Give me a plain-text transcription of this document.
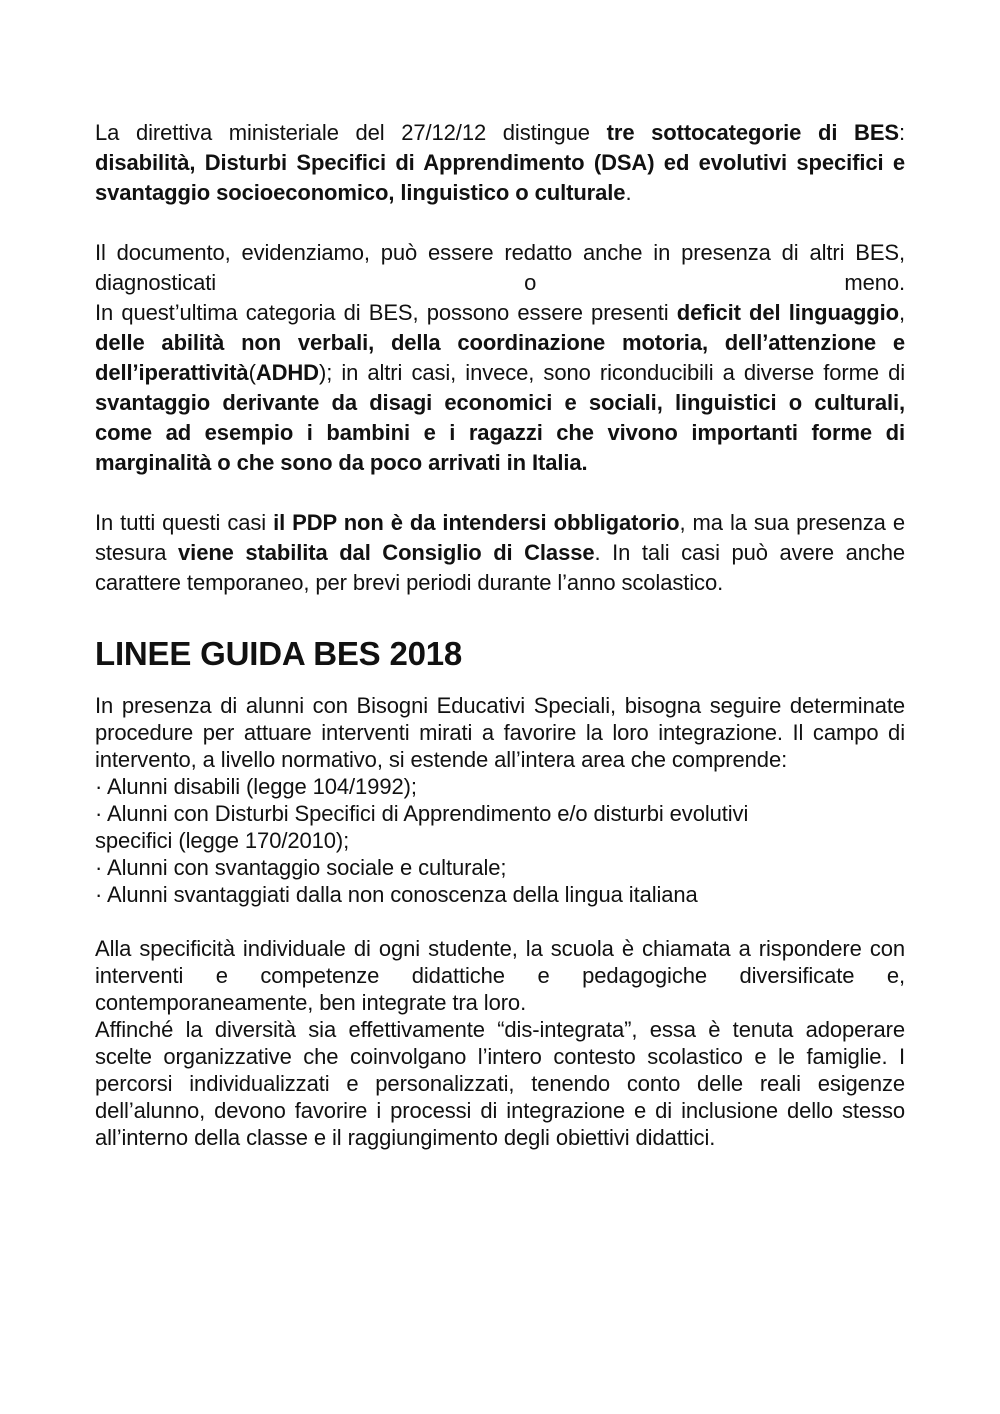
La direttiva ministeriale del 27/12/12 distingue tre sottocategorie di BES: disabilità, Disturbi Specifici di Apprendimento (DSA) ed evolutivi specifici e svantaggio socioeconomico, linguistico o culturale.

Il documento, evidenziamo, può essere redatto anche in presenza di altri BES, diagnosticati o meno.

In quest’ultima categoria di BES, possono essere presenti deficit del linguaggio, delle abilità non verbali, della coordinazione motoria, dell’attenzione e dell’iperattività(ADHD); in altri casi, invece, sono riconducibili a diverse forme di svantaggio derivante da disagi economici e sociali, linguistici o culturali, come ad esempio i bambini e i ragazzi che vivono importanti forme di marginalità o che sono da poco arrivati in Italia.

In tutti questi casi il PDP non è da intendersi obbligatorio, ma la sua presenza e stesura viene stabilita dal Consiglio di Classe. In tali casi può avere anche carattere temporaneo, per brevi periodi durante l’anno scolastico.

LINEE GUIDA BES 2018

In presenza di alunni con Bisogni Educativi Speciali, bisogna seguire determinate procedure per attuare interventi mirati a favorire la loro integrazione. Il campo di intervento, a livello normativo, si estende all’intera area che comprende:

· Alunni disabili (legge 104/1992);
· Alunni con Disturbi Specifici di Apprendimento e/o disturbi evolutivi specifici (legge 170/2010);
· Alunni con svantaggio sociale e culturale;
· Alunni svantaggiati dalla non conoscenza della lingua italiana

Alla specificità individuale di ogni studente, la scuola è chiamata a rispondere con interventi e competenze didattiche e pedagogiche diversificate e, contemporaneamente, ben integrate tra loro.

Affinché la diversità sia effettivamente “dis-integrata”, essa è tenuta adoperare scelte organizzative che coinvolgano l’intero contesto scolastico e le famiglie. I percorsi individualizzati e personalizzati, tenendo conto delle reali esigenze dell’alunno, devono favorire i processi di integrazione e di inclusione dello stesso all’interno della classe e il raggiungimento degli obiettivi didattici.
